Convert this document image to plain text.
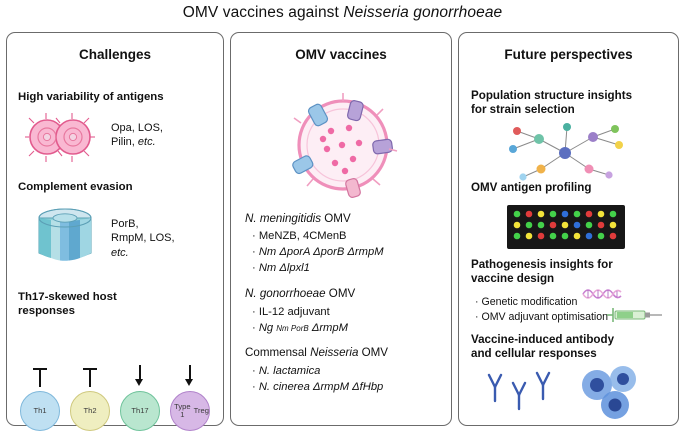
OMV vaccines against Neisseria gonorrhoeae
Challenges
High variability of antigens
Opa, LOS,
Pilin, etc.
Complement evasion
PorB,
RmpM, LOS,
etc.
Th17-skewed host
responses
Th1	Th2	Th17	Type 1	Treg
OMV vaccines
N. meningitidis OMV
· MeNZB, 4CMenB
· Nm ΔporA ΔporB ΔrmpM
· Nm Δlpxl1
N. gonorrhoeae OMV
· IL-12 adjuvant
· Ng Nm PorB ΔrmpM
Commensal Neisseria OMV
· N. lactamica
· N. cinerea ΔrmpM ΔfHbp
Future perspectives
Population structure insights
for strain selection
OMV antigen profiling
Pathogenesis insights for
vaccine design
· Genetic modification
· OMV adjuvant optimisation
Vaccine-induced antibody
and cellular responses
